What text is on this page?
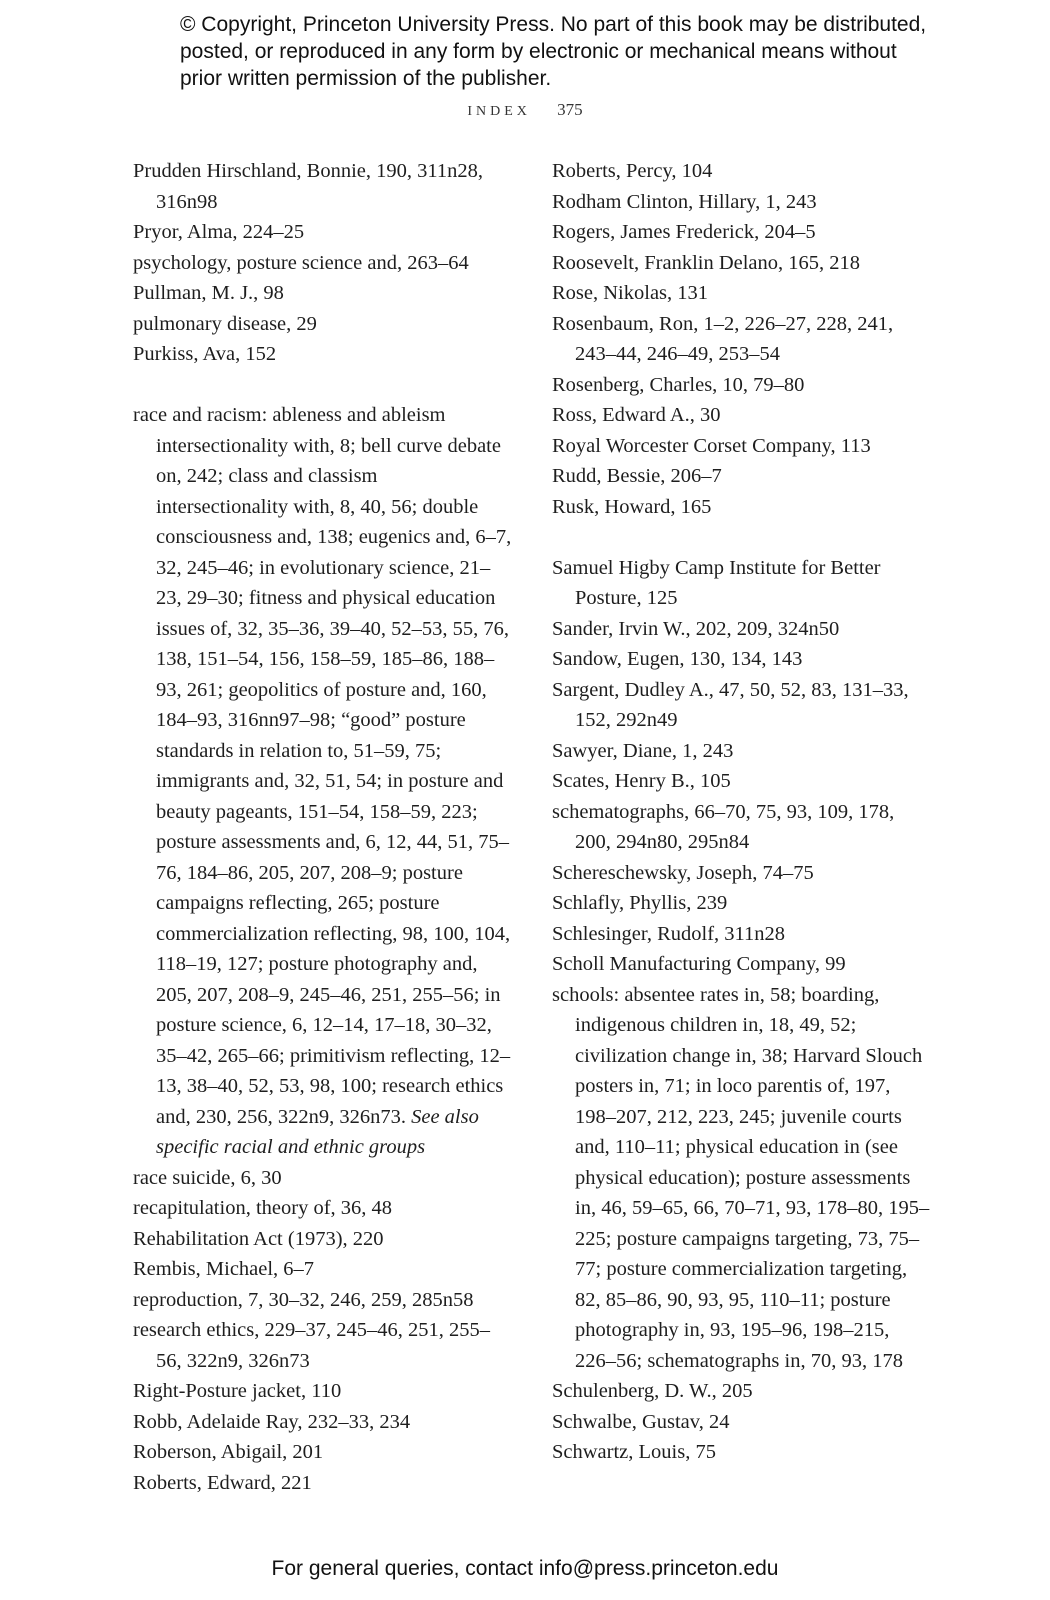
© Copyright, Princeton University Press. No part of this book may be distributed, posted, or reproduced in any form by electronic or mechanical means without prior written permission of the publisher.
INDEX 375
Prudden Hirschland, Bonnie, 190, 311n28, 316n98
Pryor, Alma, 224–25
psychology, posture science and, 263–64
Pullman, M. J., 98
pulmonary disease, 29
Purkiss, Ava, 152
race and racism: ableness and ableism intersectionality with, 8; bell curve debate on, 242; class and classism intersectionality with, 8, 40, 56; double consciousness and, 138; eugenics and, 6–7, 32, 245–46; in evolutionary science, 21–23, 29–30; fitness and physical education issues of, 32, 35–36, 39–40, 52–53, 55, 76, 138, 151–54, 156, 158–59, 185–86, 188–93, 261; geopolitics of posture and, 160, 184–93, 316nn97–98; “good” posture standards in relation to, 51–59, 75; immigrants and, 32, 51, 54; in posture and beauty pageants, 151–54, 158–59, 223; posture assessments and, 6, 12, 44, 51, 75–76, 184–86, 205, 207, 208–9; posture campaigns reflecting, 265; posture commercialization reflecting, 98, 100, 104, 118–19, 127; posture photography and, 205, 207, 208–9, 245–46, 251, 255–56; in posture science, 6, 12–14, 17–18, 30–32, 35–42, 265–66; primitivism reflecting, 12–13, 38–40, 52, 53, 98, 100; research ethics and, 230, 256, 322n9, 326n73. See also specific racial and ethnic groups
race suicide, 6, 30
recapitulation, theory of, 36, 48
Rehabilitation Act (1973), 220
Rembis, Michael, 6–7
reproduction, 7, 30–32, 246, 259, 285n58
research ethics, 229–37, 245–46, 251, 255–56, 322n9, 326n73
Right-Posture jacket, 110
Robb, Adelaide Ray, 232–33, 234
Roberson, Abigail, 201
Roberts, Edward, 221
Roberts, Percy, 104
Rodham Clinton, Hillary, 1, 243
Rogers, James Frederick, 204–5
Roosevelt, Franklin Delano, 165, 218
Rose, Nikolas, 131
Rosenbaum, Ron, 1–2, 226–27, 228, 241, 243–44, 246–49, 253–54
Rosenberg, Charles, 10, 79–80
Ross, Edward A., 30
Royal Worcester Corset Company, 113
Rudd, Bessie, 206–7
Rusk, Howard, 165
Samuel Higby Camp Institute for Better Posture, 125
Sander, Irvin W., 202, 209, 324n50
Sandow, Eugen, 130, 134, 143
Sargent, Dudley A., 47, 50, 52, 83, 131–33, 152, 292n49
Sawyer, Diane, 1, 243
Scates, Henry B., 105
schematographs, 66–70, 75, 93, 109, 178, 200, 294n80, 295n84
Schereschewsky, Joseph, 74–75
Schlafly, Phyllis, 239
Schlesinger, Rudolf, 311n28
Scholl Manufacturing Company, 99
schools: absentee rates in, 58; boarding, indigenous children in, 18, 49, 52; civilization change in, 38; Harvard Slouch posters in, 71; in loco parentis of, 197, 198–207, 212, 223, 245; juvenile courts and, 110–11; physical education in (see physical education); posture assessments in, 46, 59–65, 66, 70–71, 93, 178–80, 195–225; posture campaigns targeting, 73, 75–77; posture commercialization targeting, 82, 85–86, 90, 93, 95, 110–11; posture photography in, 93, 195–96, 198–215, 226–56; schematographs in, 70, 93, 178
Schulenberg, D. W., 205
Schwalbe, Gustav, 24
Schwartz, Louis, 75
For general queries, contact info@press.princeton.edu
